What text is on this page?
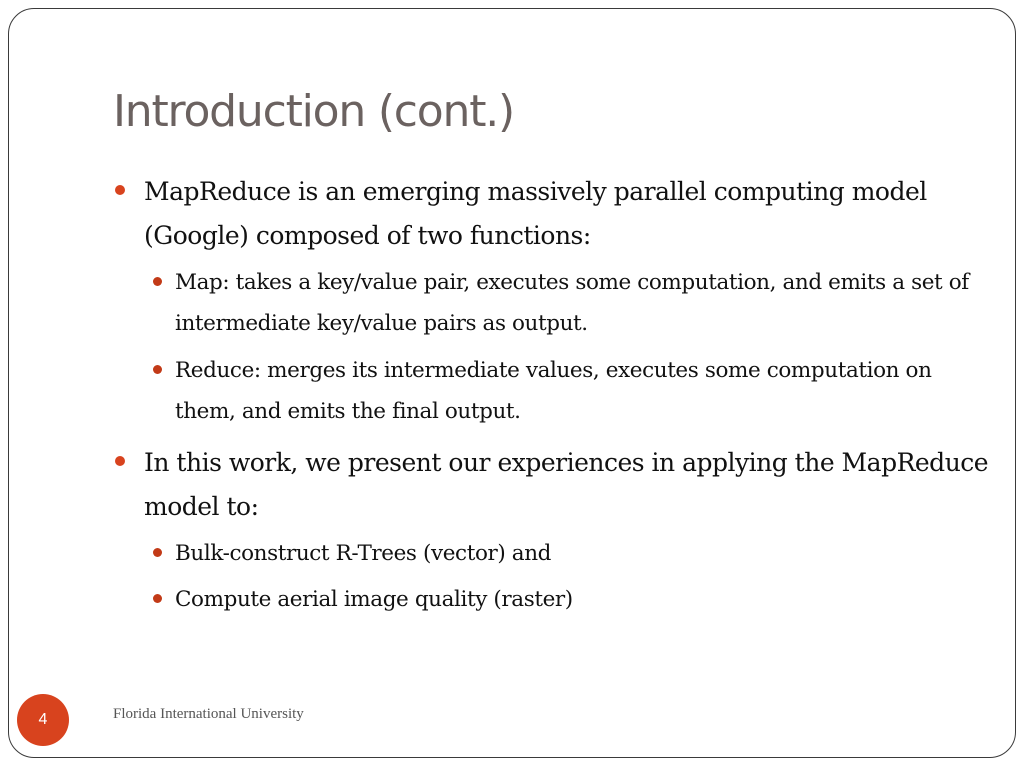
Introduction (cont.)
MapReduce is an emerging massively parallel computing model (Google) composed of two functions:
Map: takes a key/value pair, executes some computation, and emits a set of intermediate key/value pairs as output.
Reduce: merges its intermediate values, executes some computation on them, and emits the final output.
In this work, we present our experiences in applying the MapReduce model to:
Bulk-construct R-Trees (vector) and
Compute aerial image quality (raster)
4	Florida International University
